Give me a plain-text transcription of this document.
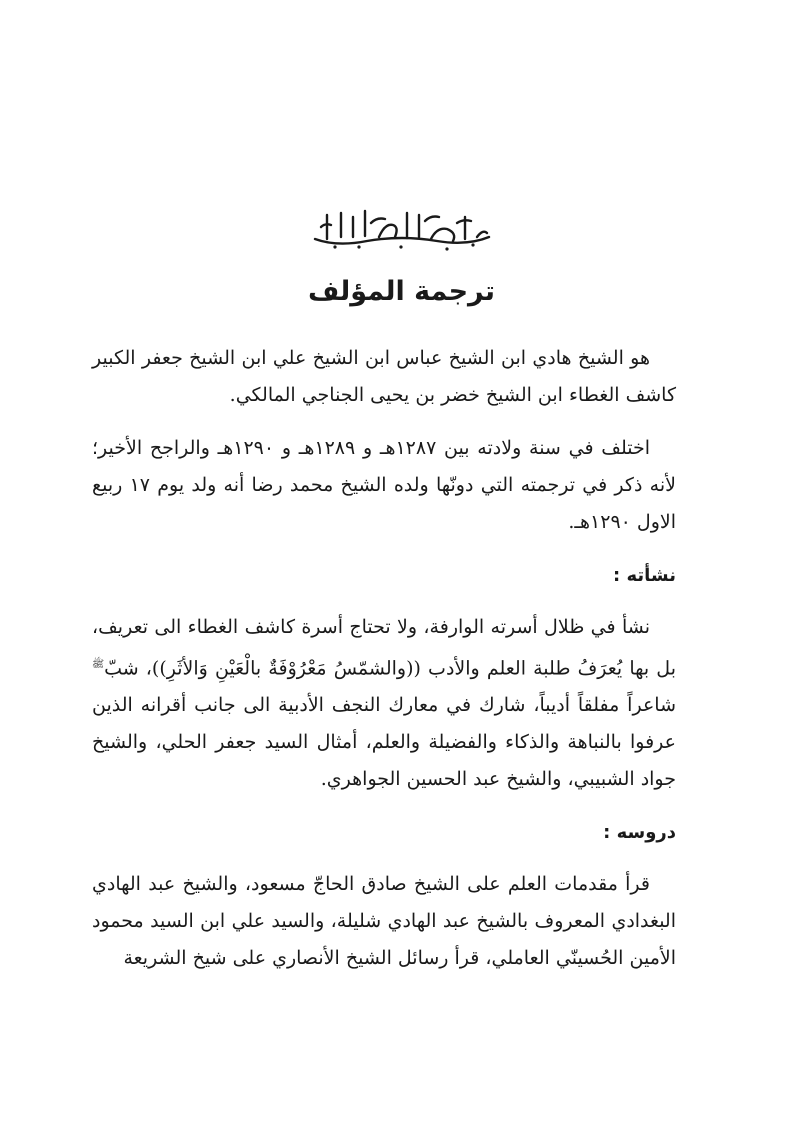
بسم الله الرحمن الرحيم
ترجمة المؤلف

هو الشيخ هادي ابن الشيخ عباس ابن الشيخ علي ابن الشيخ جعفر الكبير كاشف الغطاء ابن الشيخ خضر بن يحيى الجناجي المالكي.

اختلف في سنة ولادته بين ١٢٨٧هـ و ١٢٨٩هـ و ١٢٩٠هـ والراجح الأخير؛ لأنه ذكر في ترجمته التي دونّها ولده الشيخ محمد رضا أنه ولد يوم ١٧ ربيع الاول ١٢٩٠هـ.

نشأته :

نشأ في ظلال أسرته الوارفة، ولا تحتاج أسرة كاشف الغطاء الى تعريف، بل بها يُعرَفُ طلبة العلم والأدب ((والشمّسُ مَعْرُوْفَةٌ بالْعَيْنِ وَالأثَرِ))، شبّ$^ﷺ$ شاعراً مفلقاً أديباً، شارك في معارك النجف الأدبية الى جانب أقرانه الذين عرفوا بالنباهة والذكاء والفضيلة والعلم، أمثال السيد جعفر الحلي، والشيخ جواد الشبيبي، والشيخ عبد الحسين الجواهري.

دروسه :

قرأ مقدمات العلم على الشيخ صادق الحاجّ مسعود، والشيخ عبد الهادي البغدادي المعروف بالشيخ عبد الهادي شليلة، والسيد علي ابن السيد محمود الأمين الحُسينّي العاملي، قرأ رسائل الشيخ الأنصاري على شيخ الشريعة
